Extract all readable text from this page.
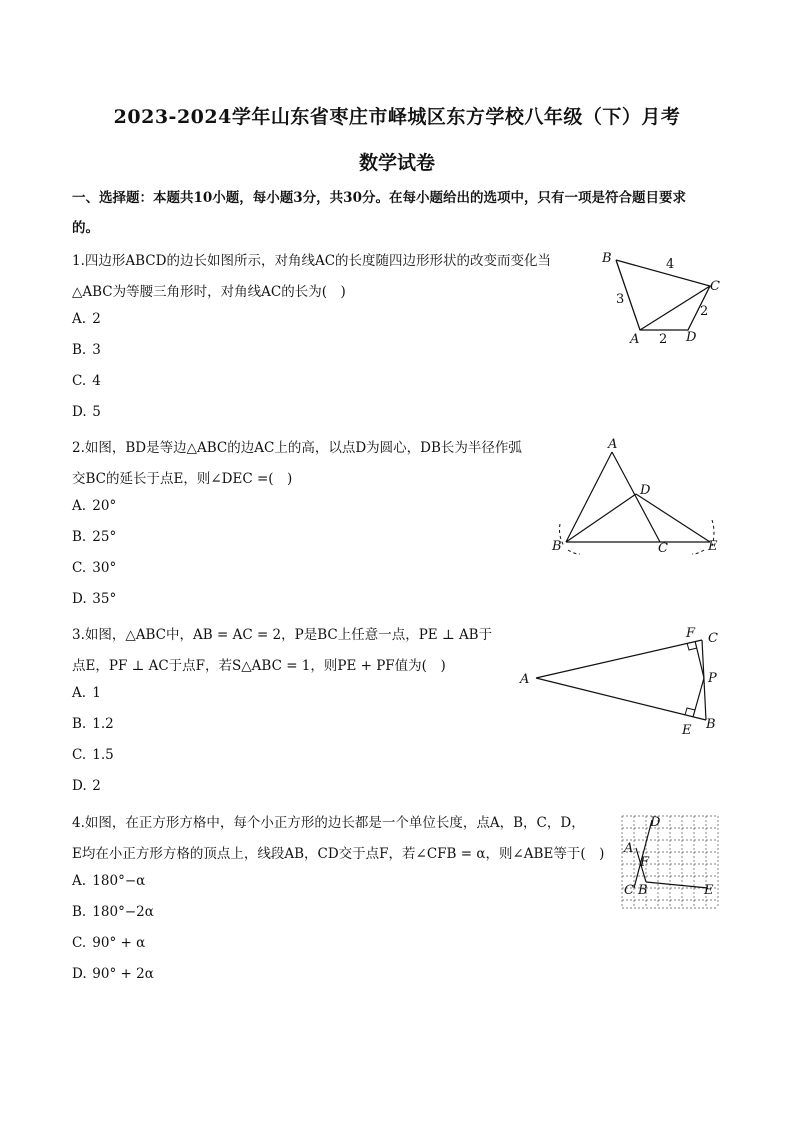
2023-2024学年山东省枣庄市峄城区东方学校八年级（下）月考
数学试卷
一、选择题：本题共10小题，每小题3分，共30分。在每小题给出的选项中，只有一项是符合题目要求
的。
1.四边形ABCD的边长如图所示，对角线AC的长度随四边形形状的改变而变化当
△ABC为等腰三角形时，对角线AC的长为(　)
A. 2
B. 3
C. 4
D. 5
B	4
C
3
2
A 2 D
2.如图，BD是等边△ABC的边AC上的高，以点D为圆心，DB长为半径作弧
交BC的延长于点E，则∠DEC =(　)
A. 20°
B. 25°
C. 30°
D. 35°
A
D
B	C	E
3.如图，△ABC中，AB = AC = 2，P是BC上任意一点，PE ⊥ AB于
点E，PF ⊥ AC于点F，若S△ABC = 1，则PE + PF值为(　)
A. 1
B. 1.2
C. 1.5
D. 2
F C
A	P
E B
4.如图，在正方形方格中，每个小正方形的边长都是一个单位长度，点A，B，C，D，
E均在小正方形方格的顶点上，线段AB，CD交于点F，若∠CFB = α，则∠ABE等于(　)
A. 180°−α
B. 180°−2α
C. 90° + α
D. 90° + 2α
D
A
F
C B	E
